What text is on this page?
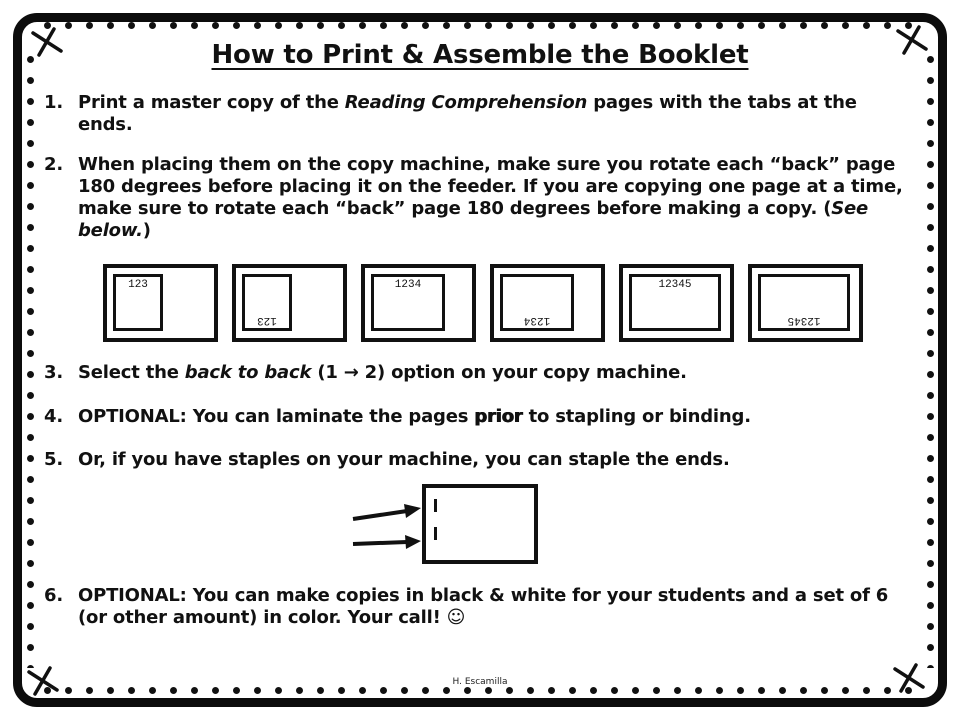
How to Print & Assemble the Booklet
1. Print a master copy of the Reading Comprehension pages with the tabs at the ends.
2. When placing them on the copy machine, make sure you rotate each “back” page 180 degrees before placing it on the feeder. If you are copying one page at a time, make sure to rotate each “back” page 180 degrees before making a copy. (See below.)
123
123
1234
1234
12345
12345
3. Select the back to back (1 → 2) option on your copy machine.
4. OPTIONAL: You can laminate the pages prior to stapling or binding.
5. Or, if you have staples on your machine, you can staple the ends.
6. OPTIONAL: You can make copies in black & white for your students and a set of 6 (or other amount) in color. Your call! ☺
H. Escamilla
